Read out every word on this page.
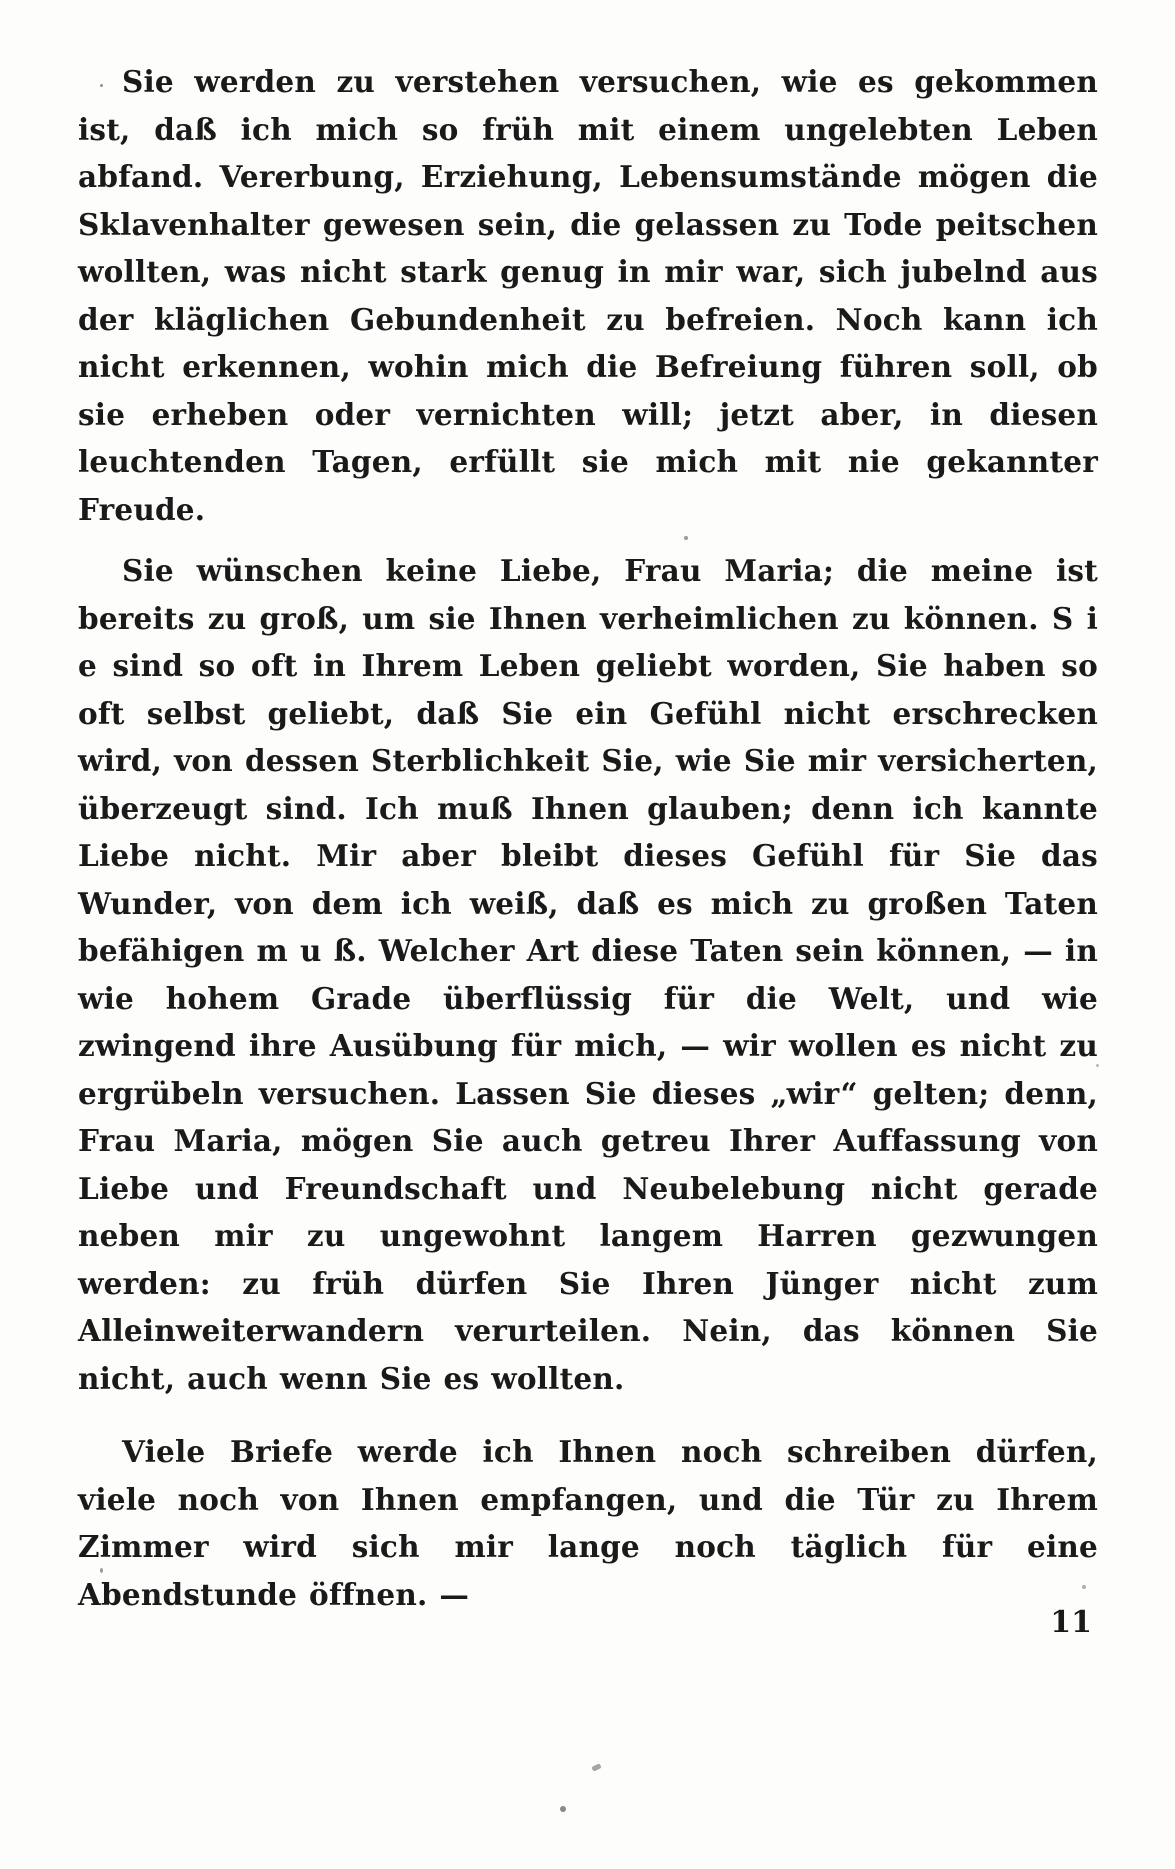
Sie werden zu verstehen versuchen, wie es gekommen ist, daß ich mich so früh mit einem ungelebten Leben abfand. Vererbung, Erziehung, Lebensumstände mögen die Sklavenhalter gewesen sein, die gelassen zu Tode peitschen wollten, was nicht stark genug in mir war, sich jubelnd aus der kläglichen Gebundenheit zu befreien. Noch kann ich nicht erkennen, wohin mich die Befreiung führen soll, ob sie erheben oder vernichten will; jetzt aber, in diesen leuchtenden Tagen, erfüllt sie mich mit nie gekannter Freude.

Sie wünschen keine Liebe, Frau Maria; die meine ist bereits zu groß, um sie Ihnen verheimlichen zu können. S i e sind so oft in Ihrem Leben geliebt worden, Sie haben so oft selbst geliebt, daß Sie ein Gefühl nicht erschrecken wird, von dessen Sterblichkeit Sie, wie Sie mir versicherten, überzeugt sind. Ich muß Ihnen glauben; denn ich kannte Liebe nicht. Mir aber bleibt dieses Gefühl für Sie das Wunder, von dem ich weiß, daß es mich zu großen Taten befähigen m u ß. Welcher Art diese Taten sein können, — in wie hohem Grade überflüssig für die Welt, und wie zwingend ihre Ausübung für mich, — wir wollen es nicht zu ergrübeln versuchen. Lassen Sie dieses „wir“ gelten; denn, Frau Maria, mögen Sie auch getreu Ihrer Auffassung von Liebe und Freundschaft und Neubelebung nicht gerade neben mir zu ungewohnt langem Harren gezwungen werden: zu früh dürfen Sie Ihren Jünger nicht zum Alleinweiterwandern verurteilen. Nein, das können Sie nicht, auch wenn Sie es wollten.

Viele Briefe werde ich Ihnen noch schreiben dürfen, viele noch von Ihnen empfangen, und die Tür zu Ihrem Zimmer wird sich mir lange noch täglich für eine Abendstunde öffnen. —

11
